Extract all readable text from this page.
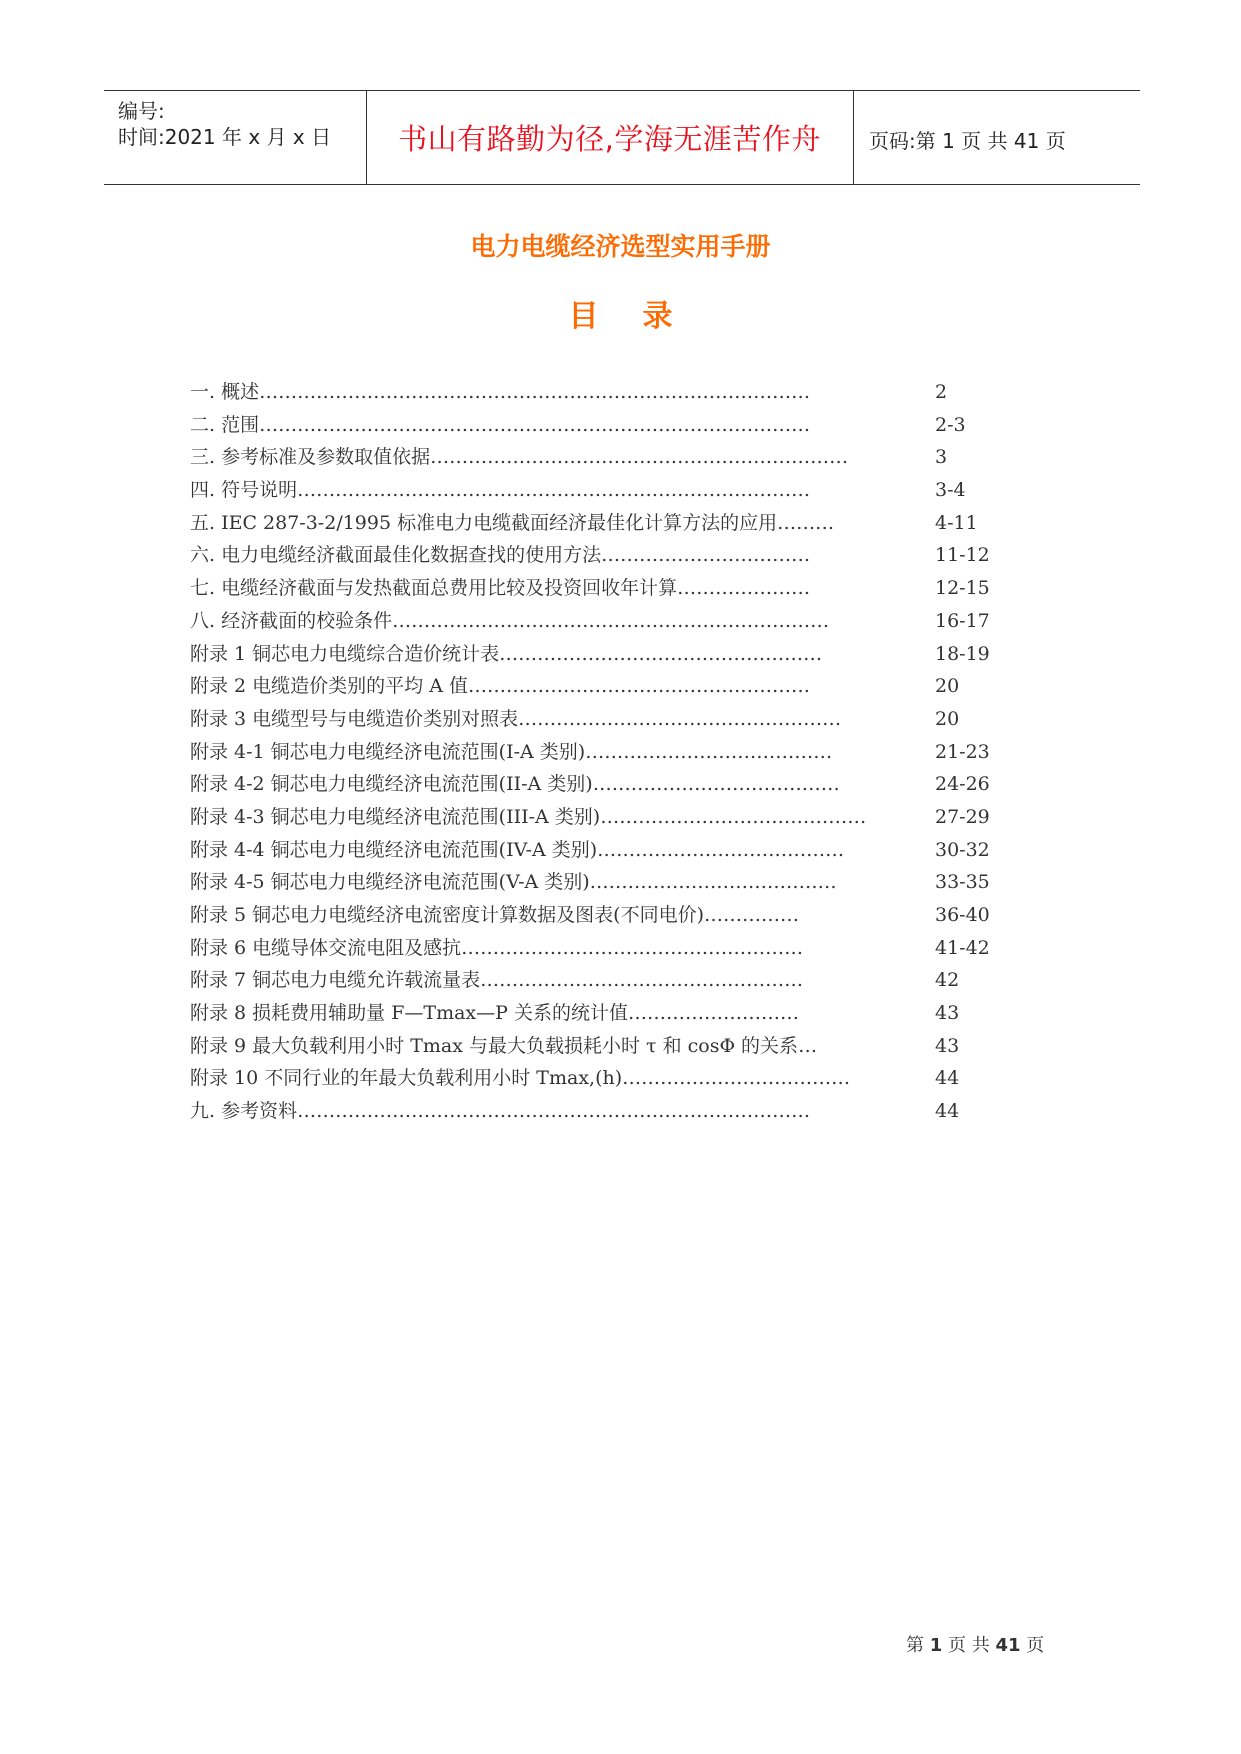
编号:
时间:2021 年 x 月 x 日	书山有路勤为径,学海无涯苦作舟	页码:第 1 页 共 41 页
电力电缆经济选型实用手册
目录
一. 概述……………………………………………………………………………	2
二. 范围……………………………………………………………………………	2-3
三. 参考标准及参数取值依据…………………………………………………………	3
四. 符号说明………………………………………………………………………	3-4
五. IEC 287-3-2/1995 标准电力电缆截面经济最佳化计算方法的应用………	4-11
六. 电力电缆经济截面最佳化数据查找的使用方法……………………………	11-12
七. 电缆经济截面与发热截面总费用比较及投资回收年计算…………………	12-15
八. 经济截面的校验条件……………………………………………………………	16-17
附录 1 铜芯电力电缆综合造价统计表……………………………………………	18-19
附录 2 电缆造价类别的平均 A 值………………………………………………	20
附录 3 电缆型号与电缆造价类别对照表……………………………………………	20
附录 4-1 铜芯电力电缆经济电流范围(I-A 类别)…………………………………	21-23
附录 4-2 铜芯电力电缆经济电流范围(II-A 类别)…………………………………	24-26
附录 4-3 铜芯电力电缆经济电流范围(III-A 类别)……………………………………	27-29
附录 4-4 铜芯电力电缆经济电流范围(IV-A 类别)…………………………………	30-32
附录 4-5 铜芯电力电缆经济电流范围(V-A 类别)…………………………………	33-35
附录 5 铜芯电力电缆经济电流密度计算数据及图表(不同电价)……………	36-40
附录 6 电缆导体交流电阻及感抗………………………………………………	41-42
附录 7 铜芯电力电缆允许载流量表……………………………………………	42
附录 8 损耗费用辅助量 F—Tmax—P 关系的统计值………………………	43
附录 9 最大负载利用小时 Tmax 与最大负载损耗小时 τ 和 cosΦ 的关系…	43
附录 10 不同行业的年最大负载利用小时 Tmax,(h)………………………………	44
九. 参考资料………………………………………………………………………	44
第 1 页 共 41 页
